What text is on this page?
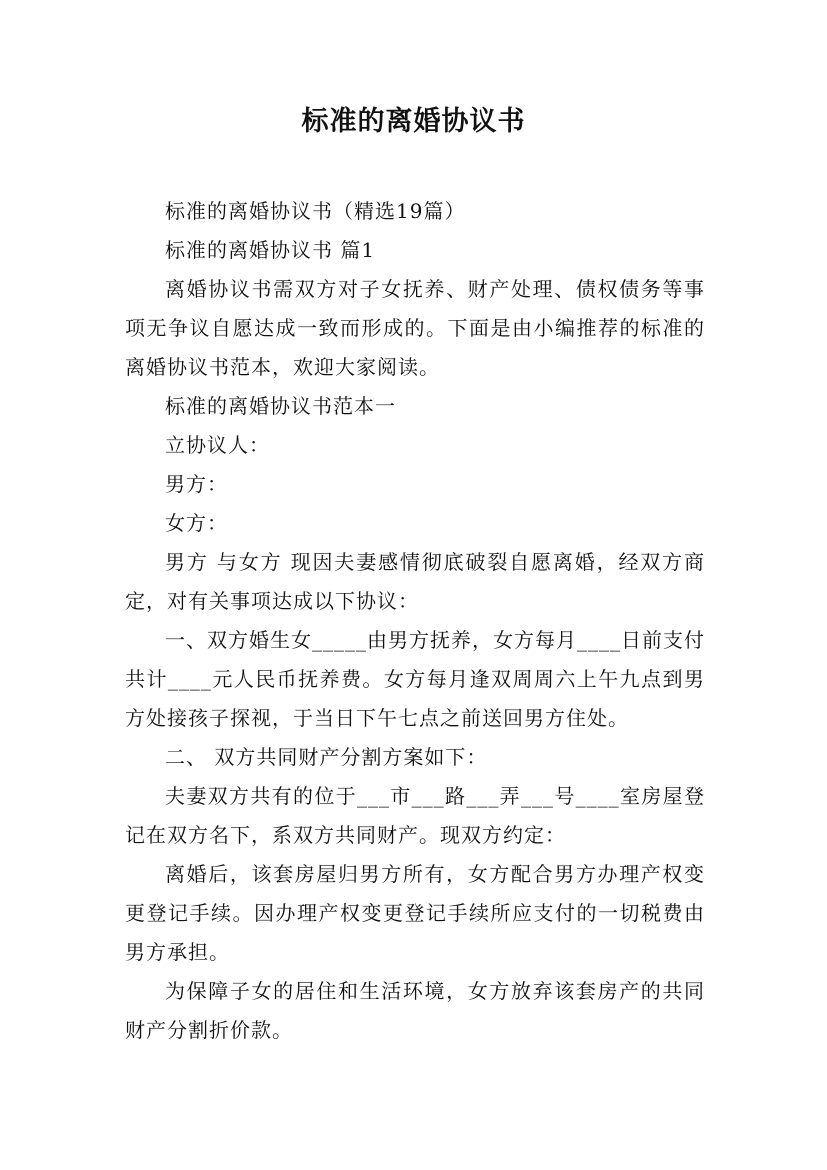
标准的离婚协议书

标准的离婚协议书（精选19篇）

标准的离婚协议书 篇1

离婚协议书需双方对子女抚养、财产处理、债权债务等事项无争议自愿达成一致而形成的。下面是由小编推荐的标准的离婚协议书范本，欢迎大家阅读。

标准的离婚协议书范本一

立协议人：

男方：

女方：

男方 与女方 现因夫妻感情彻底破裂自愿离婚，经双方商定，对有关事项达成以下协议：

一、双方婚生女_____由男方抚养，女方每月____日前支付共计____元人民币抚养费。女方每月逢双周周六上午九点到男方处接孩子探视，于当日下午七点之前送回男方住处。

二、 双方共同财产分割方案如下：

夫妻双方共有的位于___市___路___弄___号____室房屋登记在双方名下，系双方共同财产。现双方约定：

离婚后，该套房屋归男方所有，女方配合男方办理产权变更登记手续。因办理产权变更登记手续所应支付的一切税费由男方承担。

为保障子女的居住和生活环境，女方放弃该套房产的共同财产分割折价款。
